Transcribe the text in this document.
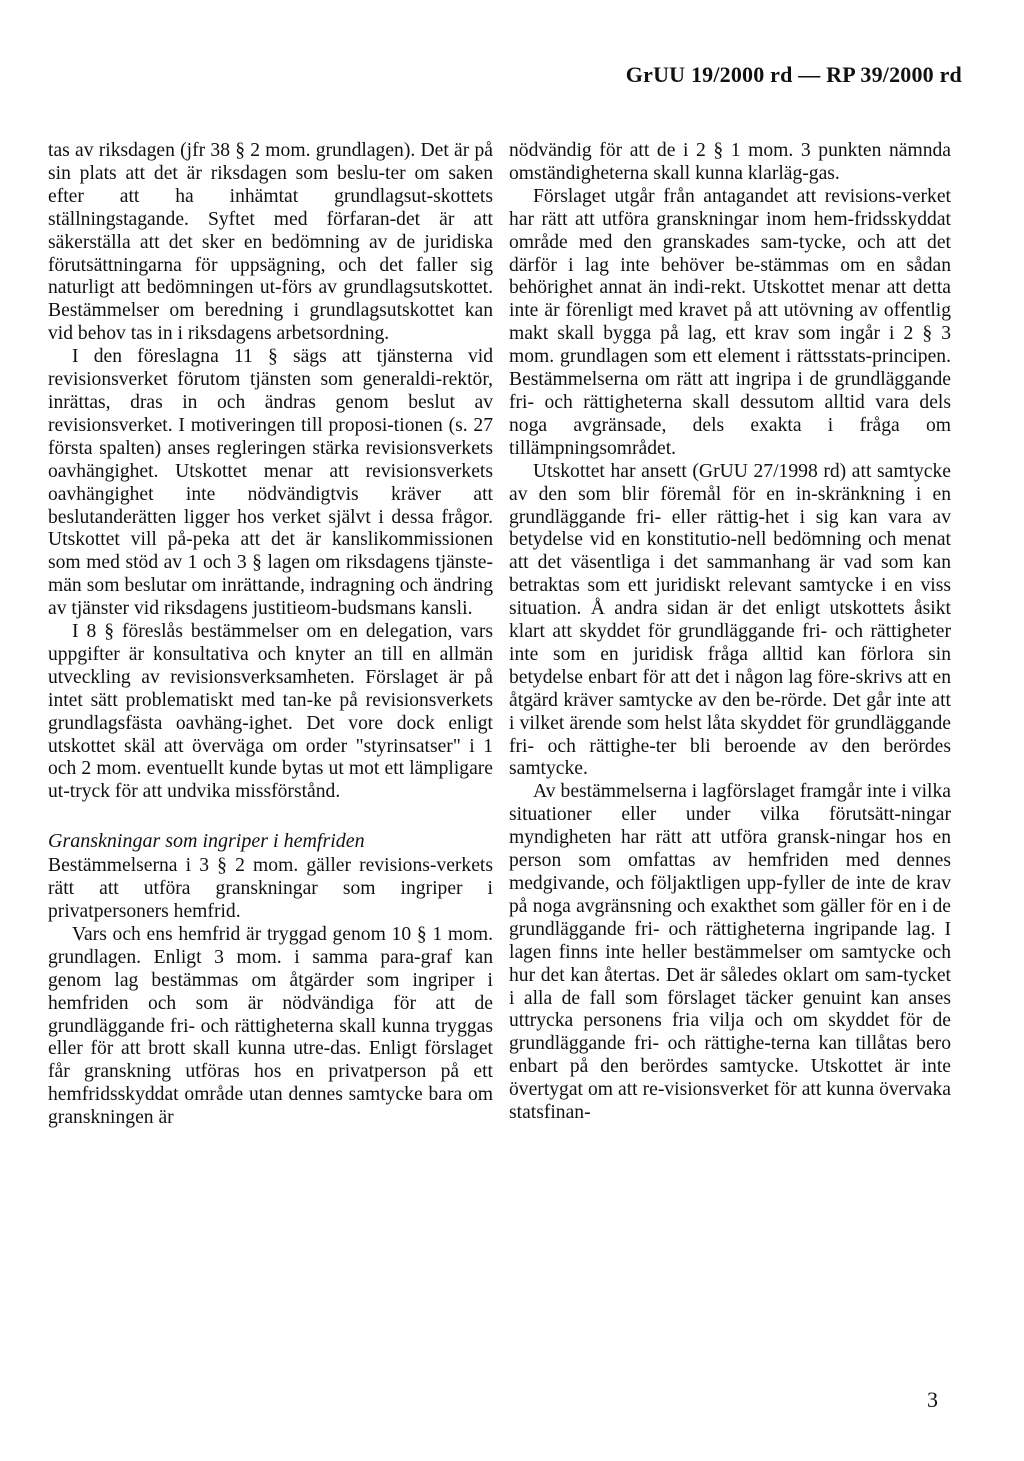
GrUU 19/2000 rd — RP 39/2000 rd

tas av riksdagen (jfr 38 § 2 mom. grundlagen). Det är på sin plats att det är riksdagen som beslu-ter om saken efter att ha inhämtat grundlagsut-skottets ställningstagande. Syftet med förfaran-det är att säkerställa att det sker en bedömning av de juridiska förutsättningarna för uppsägning, och det faller sig naturligt att bedömningen ut-förs av grundlagsutskottet. Bestämmelser om beredning i grundlagsutskottet kan vid behov tas in i riksdagens arbetsordning.

I den föreslagna 11 § sägs att tjänsterna vid revisionsverket förutom tjänsten som generaldi-rektör, inrättas, dras in och ändras genom beslut av revisionsverket. I motiveringen till proposi-tionen (s. 27 första spalten) anses regleringen stärka revisionsverkets oavhängighet. Utskottet menar att revisionsverkets oavhängighet inte nödvändigtvis kräver att beslutanderätten ligger hos verket självt i dessa frågor. Utskottet vill på-peka att det är kanslikommissionen som med stöd av 1 och 3 § lagen om riksdagens tjänste-män som beslutar om inrättande, indragning och ändring av tjänster vid riksdagens justitieom-budsmans kansli.

I 8 § föreslås bestämmelser om en delegation, vars uppgifter är konsultativa och knyter an till en allmän utveckling av revisionsverksamheten. Förslaget är på intet sätt problematiskt med tan-ke på revisionsverkets grundlagsfästa oavhäng-ighet. Det vore dock enligt utskottet skäl att överväga om order "styrinsatser" i 1 och 2 mom. eventuellt kunde bytas ut mot ett lämpligare ut-tryck för att undvika missförstånd.

Granskningar som ingriper i hemfriden

Bestämmelserna i 3 § 2 mom. gäller revisions-verkets rätt att utföra granskningar som ingriper i privatpersoners hemfrid.

Vars och ens hemfrid är tryggad genom 10 § 1 mom. grundlagen. Enligt 3 mom. i samma para-graf kan genom lag bestämmas om åtgärder som ingriper i hemfriden och som är nödvändiga för att de grundläggande fri- och rättigheterna skall kunna tryggas eller för att brott skall kunna utre-das. Enligt förslaget får granskning utföras hos en privatperson på ett hemfridsskyddat område utan dennes samtycke bara om granskningen är

nödvändig för att de i 2 § 1 mom. 3 punkten nämnda omständigheterna skall kunna klarläg-gas.

Förslaget utgår från antagandet att revisions-verket har rätt att utföra granskningar inom hem-fridsskyddat område med den granskades sam-tycke, och att det därför i lag inte behöver be-stämmas om en sådan behörighet annat än indi-rekt. Utskottet menar att detta inte är förenligt med kravet på att utövning av offentlig makt skall bygga på lag, ett krav som ingår i 2 § 3 mom. grundlagen som ett element i rättsstats-principen. Bestämmelserna om rätt att ingripa i de grundläggande fri- och rättigheterna skall dessutom alltid vara dels noga avgränsade, dels exakta i fråga om tillämpningsområdet.

Utskottet har ansett (GrUU 27/1998 rd) att samtycke av den som blir föremål för en in-skränkning i en grundläggande fri- eller rättig-het i sig kan vara av betydelse vid en konstitutio-nell bedömning och menat att det väsentliga i det sammanhang är vad som kan betraktas som ett juridiskt relevant samtycke i en viss situation. Å andra sidan är det enligt utskottets åsikt klart att skyddet för grundläggande fri- och rättigheter inte som en juridisk fråga alltid kan förlora sin betydelse enbart för att det i någon lag före-skrivs att en åtgärd kräver samtycke av den be-rörde. Det går inte att i vilket ärende som helst låta skyddet för grundläggande fri- och rättighe-ter bli beroende av den berördes samtycke.

Av bestämmelserna i lagförslaget framgår inte i vilka situationer eller under vilka förutsätt-ningar myndigheten har rätt att utföra gransk-ningar hos en person som omfattas av hemfriden med dennes medgivande, och följaktligen upp-fyller de inte de krav på noga avgränsning och exakthet som gäller för en i de grundläggande fri- och rättigheterna ingripande lag. I lagen finns inte heller bestämmelser om samtycke och hur det kan återtas. Det är således oklart om sam-tycket i alla de fall som förslaget täcker genuint kan anses uttrycka personens fria vilja och om skyddet för de grundläggande fri- och rättighe-terna kan tillåtas bero enbart på den berördes samtycke. Utskottet är inte övertygat om att re-visionsverket för att kunna övervaka statsfinan-

3
